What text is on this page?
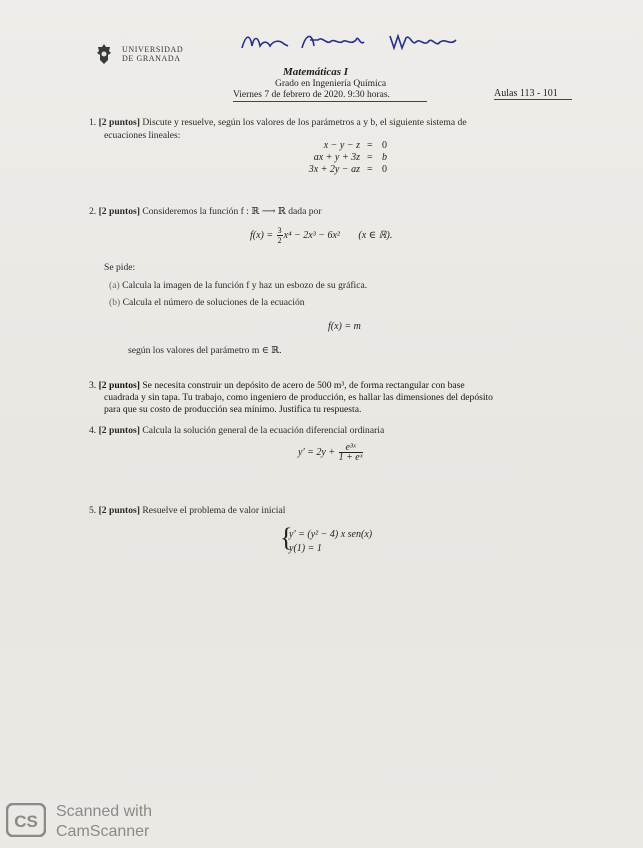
UNIVERSIDAD
DE GRANADA
Matemáticas I
Grado en Ingeniería Química
Viernes 7 de febrero de 2020. 9:30 horas.	Aulas 113 - 101
1. [2 puntos] Discute y resuelve, según los valores de los parámetros a y b, el siguiente sistema de
ecuaciones lineales:
x − y − z = 0
ax + y + 3z = b
3x + 2y − az = 0
2. [2 puntos] Consideremos la función f : ℝ ⟶ ℝ dada por
$f(x) = \frac{3}{2} x^4 - 2x^3 - 6x^2$ (x ∈ ℝ).
Se pide:
(a) Calcula la imagen de la función f y haz un esbozo de su gráfica.
(b) Calcula el número de soluciones de la ecuación
f(x) = m
según los valores del parámetro m ∈ ℝ.
3. [2 puntos] Se necesita construir un depósito de acero de 500 m³, de forma rectangular con base
cuadrada y sin tapa. Tu trabajo, como ingeniero de producción, es hallar las dimensiones del depósito
para que su costo de producción sea mínimo. Justifica tu respuesta.
4. [2 puntos] Calcula la solución general de la ecuación diferencial ordinaria
$y' = 2y + \frac{\text{e³ˣ}}{\text{1 + eˣ}}$
5. [2 puntos] Resuelve el problema de valor inicial
{
y′ = (y² − 4) x sen(x)
y(1) = 1
CS
Scanned with
CamScanner
